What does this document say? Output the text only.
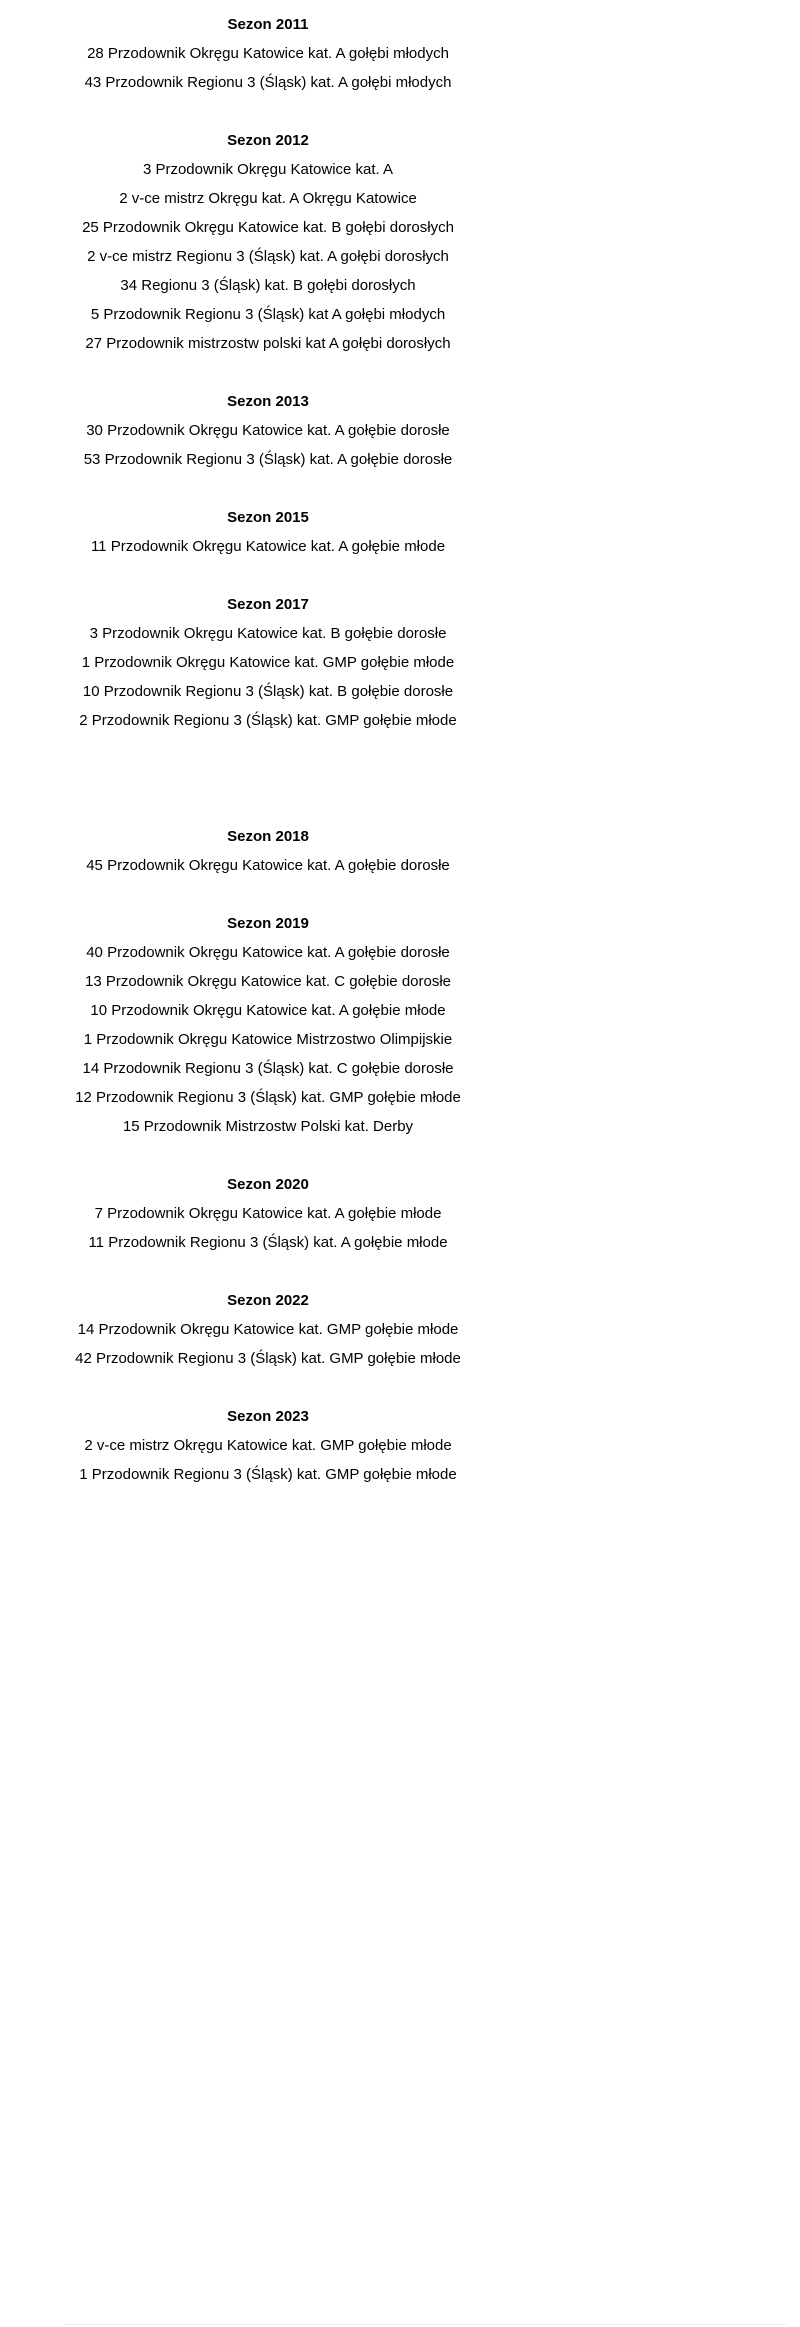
Sezon 2011

28 Przodownik Okręgu Katowice kat. A gołębi młodych

43 Przodownik Regionu 3 (Śląsk) kat. A gołębi młodych

Sezon 2012

3 Przodownik Okręgu Katowice kat. A

2 v-ce mistrz Okręgu kat. A Okręgu Katowice

25 Przodownik Okręgu Katowice kat. B gołębi dorosłych

2 v-ce mistrz Regionu 3 (Śląsk) kat. A gołębi dorosłych

34 Regionu 3 (Śląsk) kat. B gołębi dorosłych

5 Przodownik Regionu 3 (Śląsk) kat A gołębi młodych

27 Przodownik mistrzostw polski kat A gołębi dorosłych

Sezon 2013

30 Przodownik Okręgu Katowice kat. A gołębie dorosłe

53 Przodownik Regionu 3 (Śląsk) kat. A gołębie dorosłe

Sezon 2015

11 Przodownik Okręgu Katowice kat. A gołębie młode

Sezon 2017

3 Przodownik Okręgu Katowice kat. B gołębie dorosłe

1 Przodownik Okręgu Katowice kat. GMP gołębie młode

10 Przodownik Regionu 3 (Śląsk) kat. B gołębie dorosłe

2 Przodownik Regionu 3 (Śląsk) kat. GMP gołębie młode

Sezon 2018

45 Przodownik Okręgu Katowice kat. A gołębie dorosłe

Sezon 2019

40 Przodownik Okręgu Katowice kat. A gołębie dorosłe

13 Przodownik Okręgu Katowice kat. C gołębie dorosłe

10 Przodownik Okręgu Katowice kat. A gołębie młode

1 Przodownik Okręgu Katowice Mistrzostwo Olimpijskie

14 Przodownik Regionu 3 (Śląsk) kat. C gołębie dorosłe

12 Przodownik Regionu 3 (Śląsk) kat. GMP gołębie młode

15 Przodownik Mistrzostw Polski kat. Derby

Sezon 2020

7 Przodownik Okręgu Katowice kat. A gołębie młode

11 Przodownik Regionu 3 (Śląsk) kat. A gołębie młode

Sezon 2022

14 Przodownik Okręgu Katowice kat. GMP gołębie młode

42 Przodownik Regionu 3 (Śląsk) kat. GMP gołębie młode

Sezon 2023

2 v-ce mistrz Okręgu Katowice kat. GMP gołębie młode

1 Przodownik Regionu 3 (Śląsk) kat. GMP gołębie młode
